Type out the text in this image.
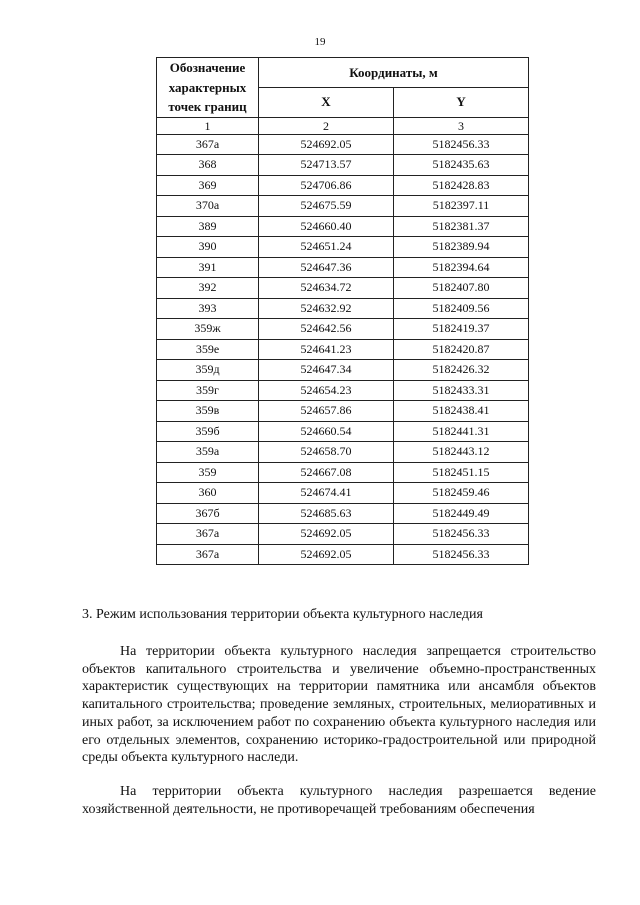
19
Обозначение характерных точек границ	Координаты, м	
	X	Y
1	2	3
367а	524692.05	5182456.33
368	524713.57	5182435.63
369	524706.86	5182428.83
370а	524675.59	5182397.11
389	524660.40	5182381.37
390	524651.24	5182389.94
391	524647.36	5182394.64
392	524634.72	5182407.80
393	524632.92	5182409.56
359ж	524642.56	5182419.37
359е	524641.23	5182420.87
359д	524647.34	5182426.32
359г	524654.23	5182433.31
359в	524657.86	5182438.41
359б	524660.54	5182441.31
359а	524658.70	5182443.12
359	524667.08	5182451.15
360	524674.41	5182459.46
367б	524685.63	5182449.49
367а	524692.05	5182456.33
367а	524692.05	5182456.33
3. Режим использования территории объекта культурного наследия

На территории объекта культурного наследия запрещается строительство объектов капитального строительства и увеличение объемно-пространственных характеристик существующих на территории памятника или ансамбля объектов капитального строительства; проведение земляных, строительных, мелиоративных и иных работ, за исключением работ по сохранению объекта культурного наследия или его отдельных элементов, сохранению историко-градостроительной или природной среды объекта культурного наследи.

На территории объекта культурного наследия разрешается ведение хозяйственной деятельности, не противоречащей требованиям обеспечения
